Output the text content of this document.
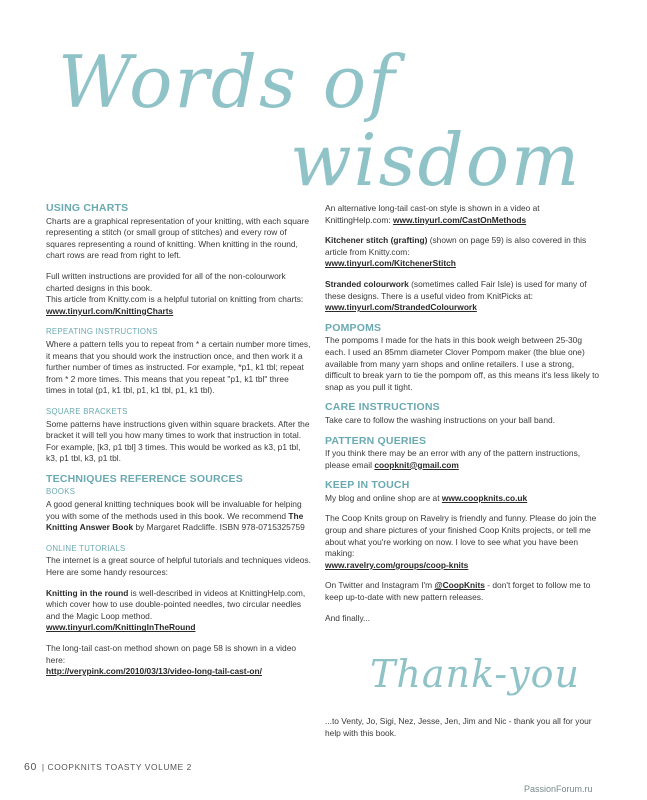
Words of
wisdom
USING CHARTS

Charts are a graphical representation of your knitting, with each square representing a stitch (or small group of stitches) and every row of squares representing a round of knitting. When knitting in the round, chart rows are read from right to left.

Full written instructions are provided for all of the non-colourwork charted designs in this book.

This article from Knitty.com is a helpful tutorial on knitting from charts: www.tinyurl.com/KnittingCharts

REPEATING INSTRUCTIONS

Where a pattern tells you to repeat from * a certain number more times, it means that you should work the instruction once, and then work it a further number of times as instructed. For example, *p1, k1 tbl; repeat from * 2 more times. This means that you repeat "p1, k1 tbl" three times in total (p1, k1 tbl, p1, k1 tbl, p1, k1 tbl).

SQUARE BRACKETS

Some patterns have instructions given within square brackets. After the bracket it will tell you how many times to work that instruction in total. For example, [k3, p1 tbl] 3 times. This would be worked as k3, p1 tbl, k3, p1 tbl, k3, p1 tbl.

TECHNIQUES REFERENCE SOURCES
BOOKS

A good general knitting techniques book will be invaluable for helping you with some of the methods used in this book. We recommend The Knitting Answer Book by Margaret Radcliffe. ISBN 978-0715325759

ONLINE TUTORIALS

The internet is a great source of helpful tutorials and techniques videos. Here are some handy resources:

Knitting in the round is well-described in videos at KnittingHelp.com, which cover how to use double-pointed needles, two circular needles and the Magic Loop method.
www.tinyurl.com/KnittingInTheRound

The long-tail cast-on method shown on page 58 is shown in a video here:
http://verypink.com/2010/03/13/video-long-tail-cast-on/

An alternative long-tail cast-on style is shown in a video at KnittingHelp.com: www.tinyurl.com/CastOnMethods

Kitchener stitch (grafting) (shown on page 59) is also covered in this article from Knitty.com:
www.tinyurl.com/KitchenerStitch

Stranded colourwork (sometimes called Fair Isle) is used for many of these designs. There is a useful video from KnitPicks at:
www.tinyurl.com/StrandedColourwork

POMPOMS

The pompoms I made for the hats in this book weigh between 25-30g each. I used an 85mm diameter Clover Pompom maker (the blue one) available from many yarn shops and online retailers. I use a strong, difficult to break yarn to tie the pompom off, as this means it's less likely to snap as you pull it tight.

CARE INSTRUCTIONS

Take care to follow the washing instructions on your ball band.

PATTERN QUERIES

If you think there may be an error with any of the pattern instructions, please email coopknit@gmail.com

KEEP IN TOUCH

My blog and online shop are at www.coopknits.co.uk

The Coop Knits group on Ravelry is friendly and funny. Please do join the group and share pictures of your finished Coop Knits projects, or tell me about what you're working on now. I love to see what you have been making:
www.ravelry.com/groups/coop-knits

On Twitter and Instagram I'm @CoopKnits - don't forget to follow me to keep up-to-date with new pattern releases.

And finally...

Thank-you

...to Venty, Jo, Sigi, Nez, Jesse, Jen, Jim and Nic - thank you all for your help with this book.

60 | COOPKNITS TOASTY VOLUME 2
PassionForum.ru
